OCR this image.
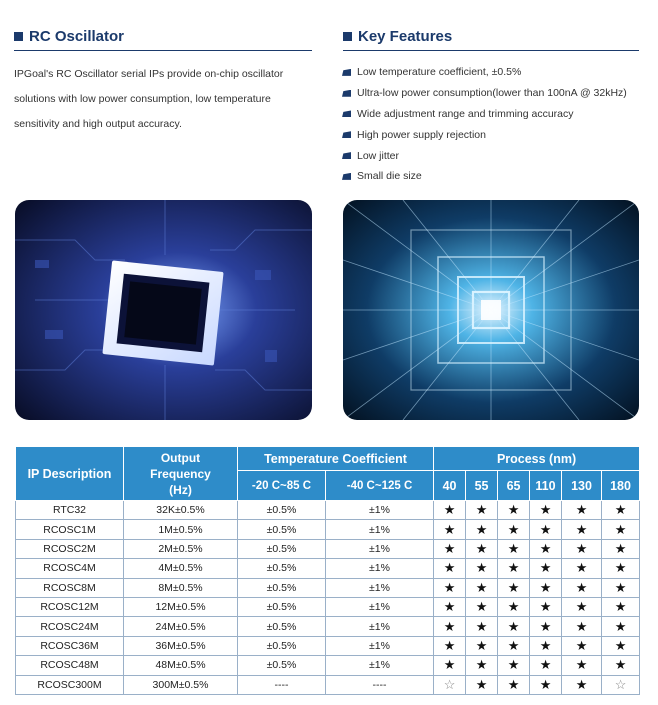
RC Oscillator	Key Features

IPGoal's RC Oscillator serial IPs provide on-chip oscillator solutions with low power consumption, low temperature sensitivity and high output accuracy.

Low temperature coefficient, ±0.5%
Ultra-low power consumption(lower than 100nA @ 32kHz)
Wide adjustment range and trimming accuracy
High power supply rejection
Low jitter
Small die size
IP Description	Output Frequency (Hz)	Temperature Coefficient		Process (nm)					
		-20 C~85 C	-40 C~125 C	40	55	65	110	130	180
RTC32	32K±0.5%	±0.5%	±1%	★	★	★	★	★	★
RCOSC1M	1M±0.5%	±0.5%	±1%	★	★	★	★	★	★
RCOSC2M	2M±0.5%	±0.5%	±1%	★	★	★	★	★	★
RCOSC4M	4M±0.5%	±0.5%	±1%	★	★	★	★	★	★
RCOSC8M	8M±0.5%	±0.5%	±1%	★	★	★	★	★	★
RCOSC12M	12M±0.5%	±0.5%	±1%	★	★	★	★	★	★
RCOSC24M	24M±0.5%	±0.5%	±1%	★	★	★	★	★	★
RCOSC36M	36M±0.5%	±0.5%	±1%	★	★	★	★	★	★
RCOSC48M	48M±0.5%	±0.5%	±1%	★	★	★	★	★	★
RCOSC300M	300M±0.5%	----	----	☆	★	★	★	★	☆
